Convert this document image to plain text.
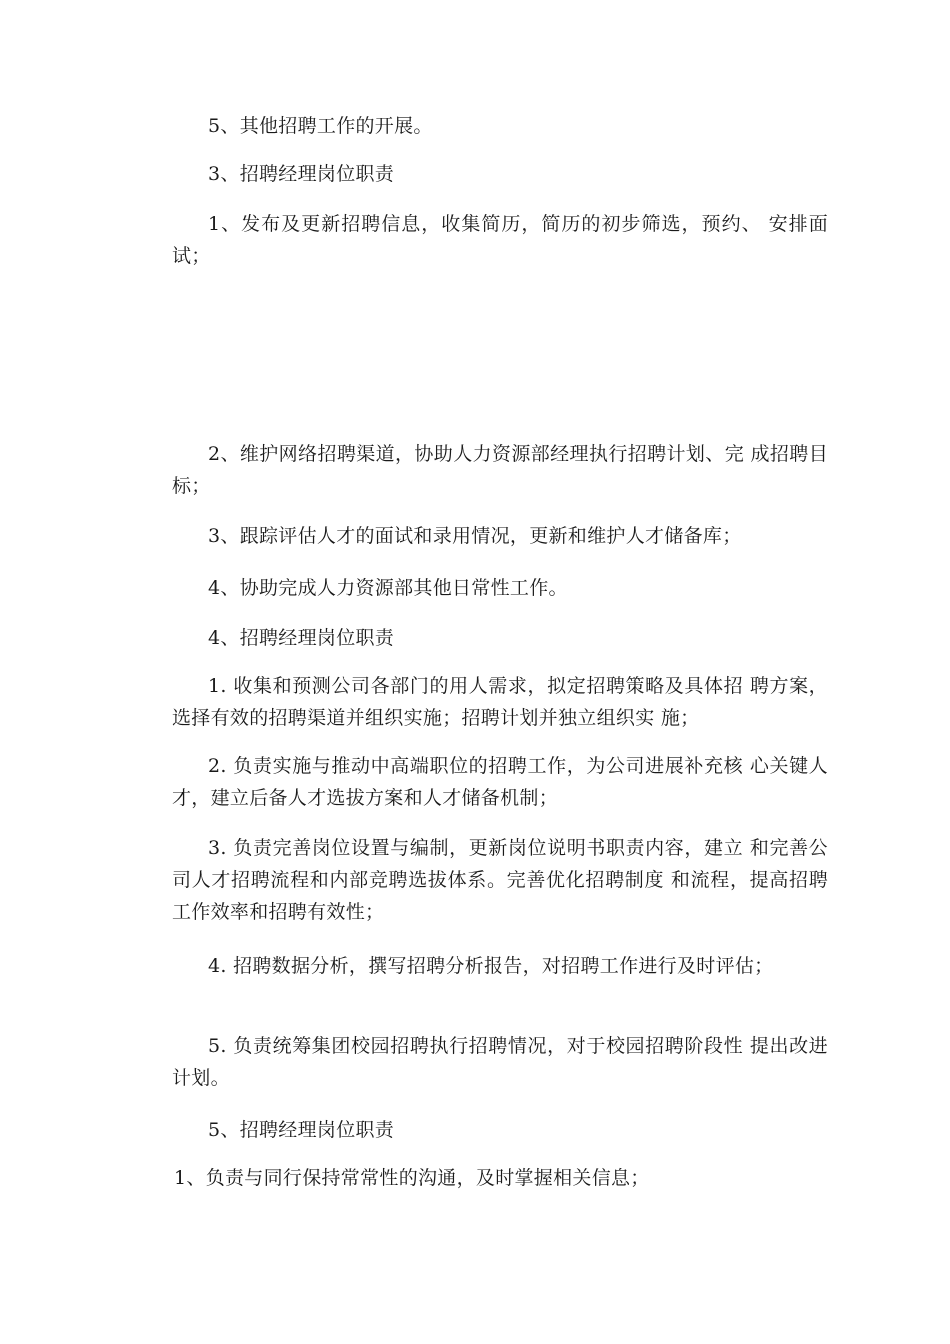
5、其他招聘工作的开展。

3、招聘经理岗位职责

1、发布及更新招聘信息，收集简历，简历的初步筛选，预约、 安排面试；

2、维护网络招聘渠道，协助人力资源部经理执行招聘计划、完 成招聘目标；

3、跟踪评估人才的面试和录用情况，更新和维护人才储备库；

4、协助完成人力资源部其他日常性工作。

4、招聘经理岗位职责

1. 收集和预测公司各部门的用人需求，拟定招聘策略及具体招 聘方案，选择有效的招聘渠道并组织实施；招聘计划并独立组织实 施；

2. 负责实施与推动中高端职位的招聘工作，为公司进展补充核 心关键人才，建立后备人才选拔方案和人才储备机制；

3. 负责完善岗位设置与编制，更新岗位说明书职责内容，建立 和完善公司人才招聘流程和内部竞聘选拔体系。完善优化招聘制度 和流程，提高招聘工作效率和招聘有效性；

4. 招聘数据分析，撰写招聘分析报告，对招聘工作进行及时评估；

5. 负责统筹集团校园招聘执行招聘情况，对于校园招聘阶段性 提出改进计划。

5、招聘经理岗位职责

1、负责与同行保持常常性的沟通，及时掌握相关信息；
